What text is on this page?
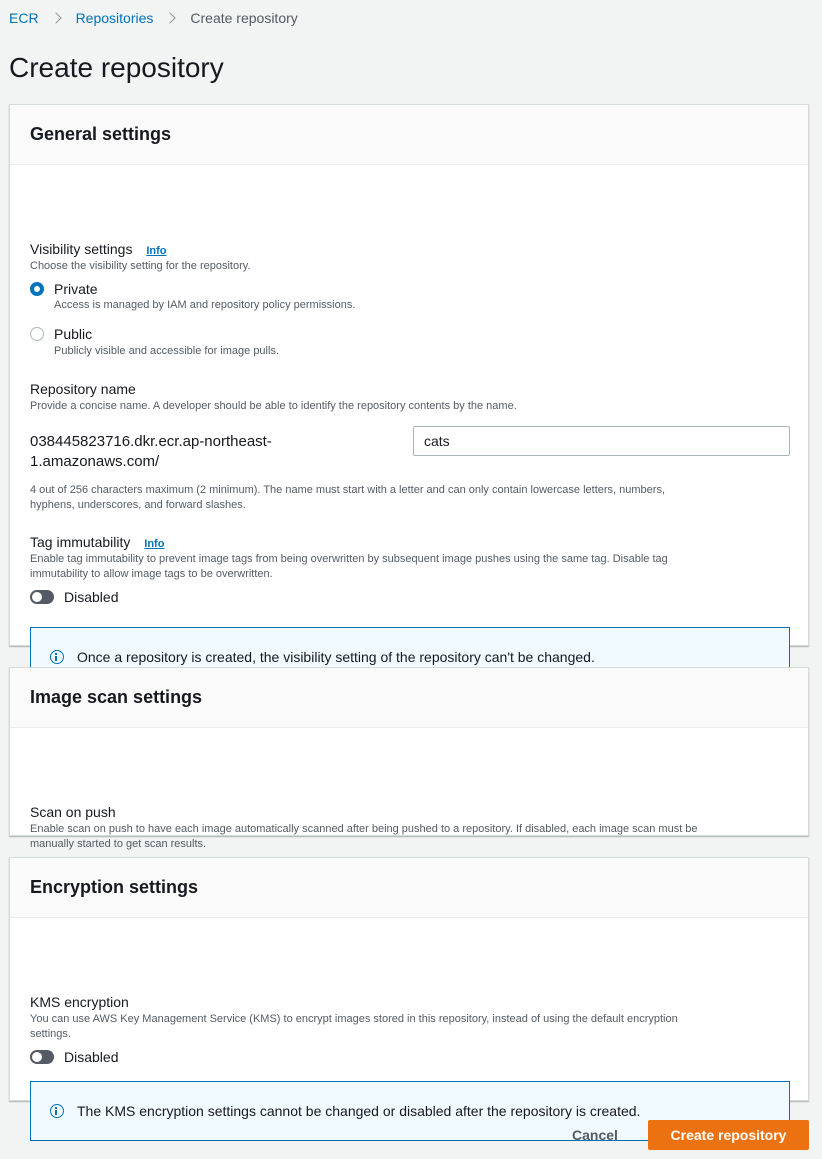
ECR	Repositories	Create repository
Create repository
General settings
Visibility settings Info
Choose the visibility setting for the repository.
Private
Access is managed by IAM and repository policy permissions.
Public
Publicly visible and accessible for image pulls.
Repository name
Provide a concise name. A developer should be able to identify the repository contents by the name.
038445823716.dkr.ecr.ap-northeast-
1.amazonaws.com/
cats
4 out of 256 characters maximum (2 minimum). The name must start with a letter and can only contain lowercase letters, numbers,
hyphens, underscores, and forward slashes.
Tag immutability Info
Enable tag immutability to prevent image tags from being overwritten by subsequent image pushes using the same tag. Disable tag
immutability to allow image tags to be overwritten.
Disabled
Once a repository is created, the visibility setting of the repository can't be changed.
Image scan settings
Scan on push
Enable scan on push to have each image automatically scanned after being pushed to a repository. If disabled, each image scan must be
manually started to get scan results.
Encryption settings
KMS encryption
You can use AWS Key Management Service (KMS) to encrypt images stored in this repository, instead of using the default encryption
settings.
Disabled
The KMS encryption settings cannot be changed or disabled after the repository is created.
Cancel	Create repository
